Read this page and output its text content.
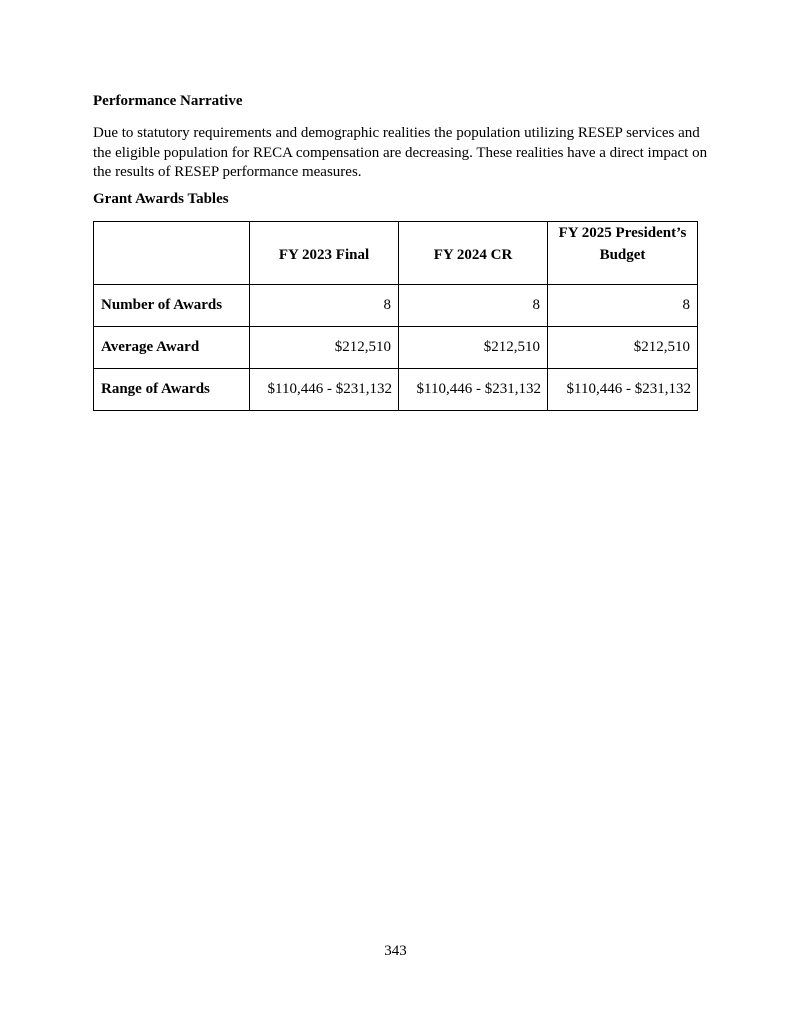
Performance Narrative
Due to statutory requirements and demographic realities the population utilizing RESEP services and the eligible population for RECA compensation are decreasing. These realities have a direct impact on the results of RESEP performance measures.
Grant Awards Tables
	FY 2023 Final	FY 2024 CR	FY 2025 President’s Budget
Number of Awards	8	8	8
Average Award	$212,510	$212,510	$212,510
Range of Awards	$110,446 - $231,132	$110,446 - $231,132	$110,446 - $231,132
343
